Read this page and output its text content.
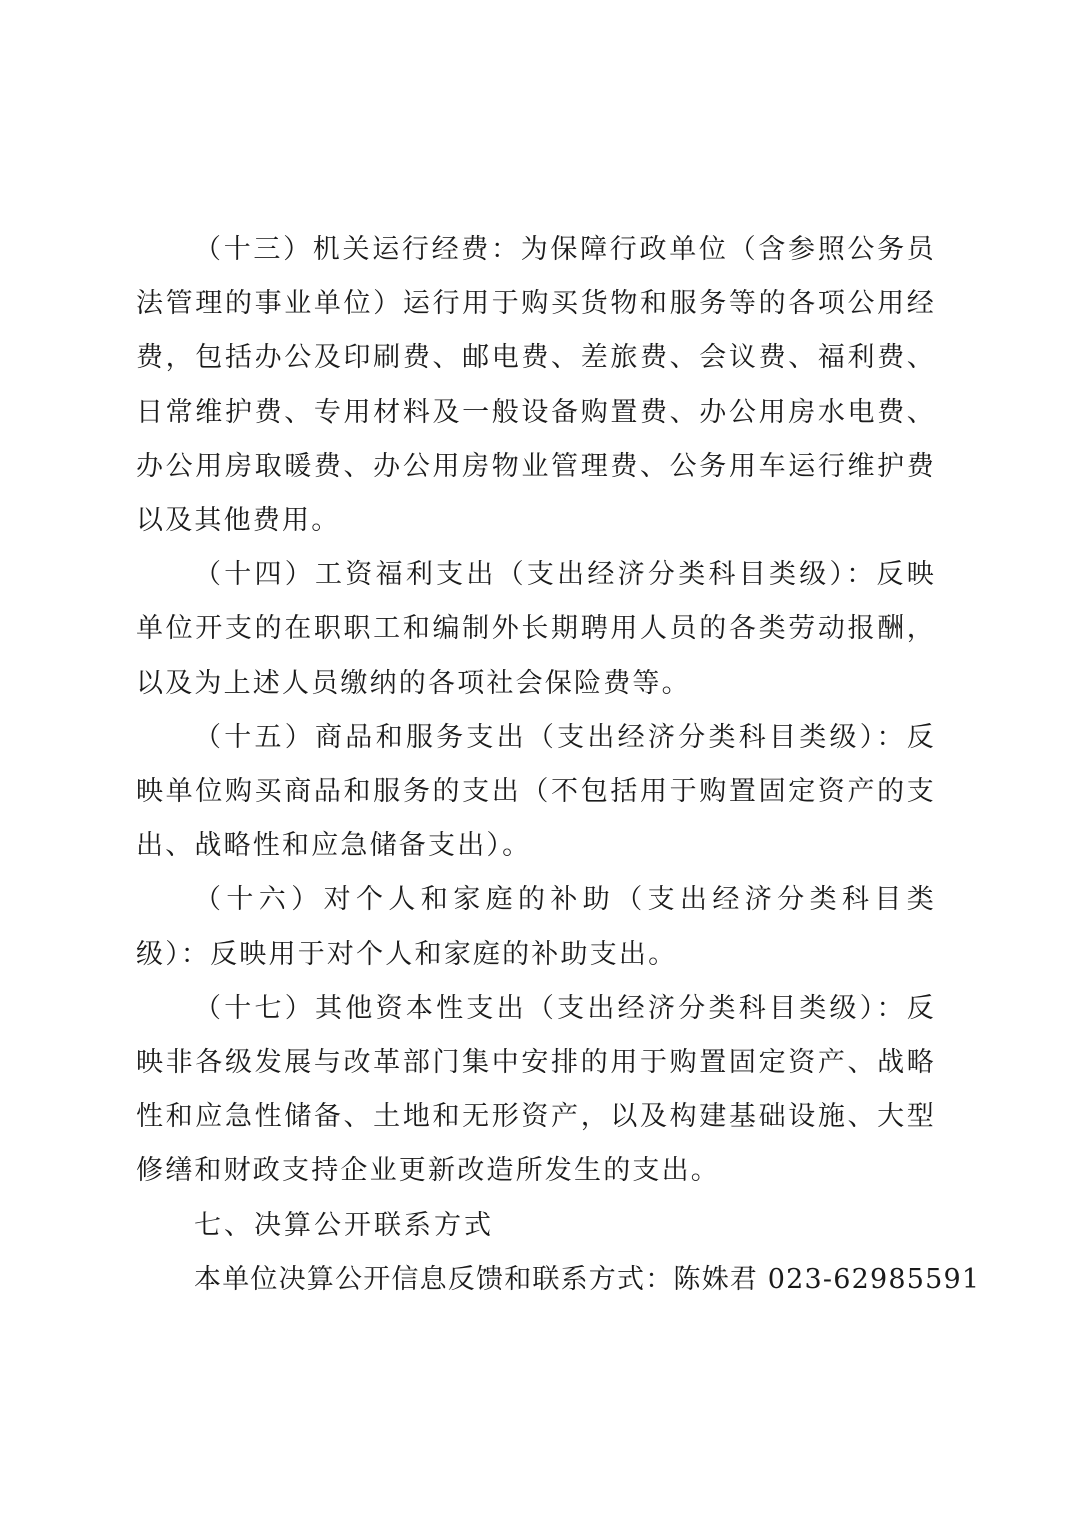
（十三）机关运行经费：为保障行政单位（含参照公务员法管理的事业单位）运行用于购买货物和服务等的各项公用经费，包括办公及印刷费、邮电费、差旅费、会议费、福利费、日常维护费、专用材料及一般设备购置费、办公用房水电费、办公用房取暖费、办公用房物业管理费、公务用车运行维护费以及其他费用。

（十四）工资福利支出（支出经济分类科目类级）：反映单位开支的在职职工和编制外长期聘用人员的各类劳动报酬，以及为上述人员缴纳的各项社会保险费等。

（十五）商品和服务支出（支出经济分类科目类级）：反映单位购买商品和服务的支出（不包括用于购置固定资产的支出、战略性和应急储备支出）。

（十六）对个人和家庭的补助（支出经济分类科目类级）：反映用于对个人和家庭的补助支出。

（十七）其他资本性支出（支出经济分类科目类级）：反映非各级发展与改革部门集中安排的用于购置固定资产、战略性和应急性储备、土地和无形资产，以及构建基础设施、大型修缮和财政支持企业更新改造所发生的支出。

七、决算公开联系方式

本单位决算公开信息反馈和联系方式：陈姝君 023-62985591
